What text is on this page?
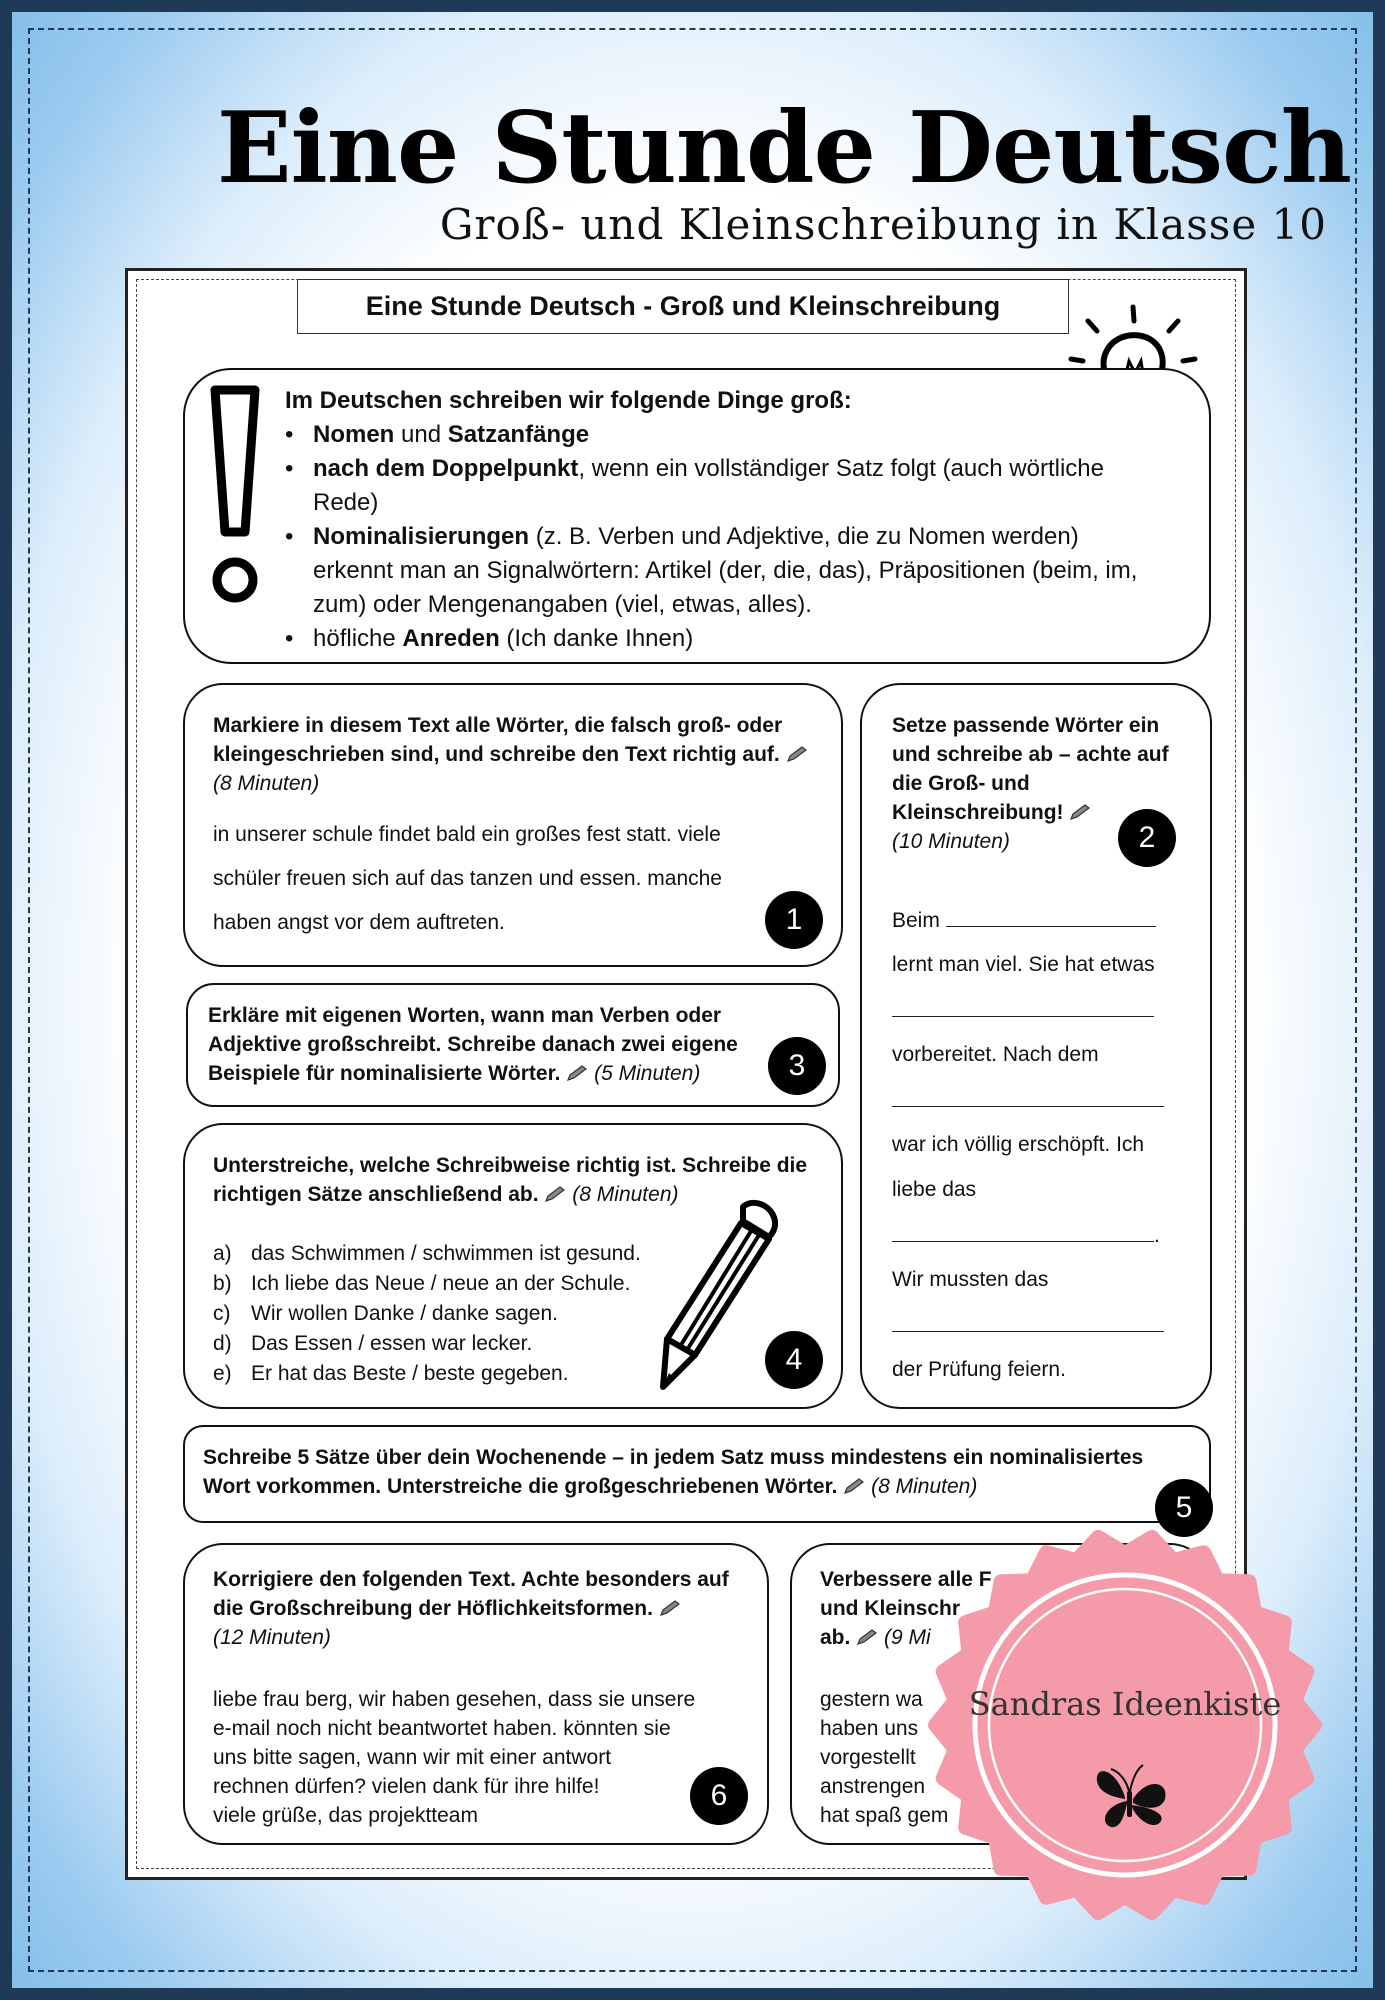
Eine Stunde Deutsch
Groß- und Kleinschreibung in Klasse 10
Eine Stunde Deutsch - Groß und Kleinschreibung
Im Deutschen schreiben wir folgende Dinge groß:
• Nomen und Satzanfänge
• nach dem Doppelpunkt, wenn ein vollständiger Satz folgt (auch wörtliche Rede)
• Nominalisierungen (z. B. Verben und Adjektive, die zu Nomen werden) erkennt man an Signalwörtern: Artikel (der, die, das), Präpositionen (beim, im, zum) oder Mengenangaben (viel, etwas, alles).
• höfliche Anreden (Ich danke Ihnen)
Markiere in diesem Text alle Wörter, die falsch groß- oder kleingeschrieben sind, und schreibe den Text richtig auf.
(8 Minuten)
in unserer schule findet bald ein großes fest statt. viele
schüler freuen sich auf das tanzen und essen. manche
haben angst vor dem auftreten.	1
Setze passende Wörter ein und schreibe ab – achte auf die Groß- und Kleinschreibung!
(10 Minuten)	2
Beim
lernt man viel. Sie hat etwas
vorbereitet. Nach dem
war ich völlig erschöpft. Ich
liebe das
.
Wir mussten das
der Prüfung feiern.
Erkläre mit eigenen Worten, wann man Verben oder Adjektive großschreibt. Schreibe danach zwei eigene Beispiele für nominalisierte Wörter. (5 Minuten)	3
Unterstreiche, welche Schreibweise richtig ist. Schreibe die richtigen Sätze anschließend ab. (8 Minuten)
a) das Schwimmen / schwimmen ist gesund.
b) Ich liebe das Neue / neue an der Schule.
c) Wir wollen Danke / danke sagen.
d) Das Essen / essen war lecker.
e) Er hat das Beste / beste gegeben.	4
Schreibe 5 Sätze über dein Wochenende – in jedem Satz muss mindestens ein nominalisiertes Wort vorkommen. Unterstreiche die großgeschriebenen Wörter. (8 Minuten)
5
Korrigiere den folgenden Text. Achte besonders auf die Großschreibung der Höflichkeitsformen.
(12 Minuten)
liebe frau berg, wir haben gesehen, dass sie unsere
e-mail noch nicht beantwortet haben. könnten sie
uns bitte sagen, wann wir mit einer antwort
rechnen dürfen? vielen dank für ihre hilfe!
viele grüße, das projektteam
6
Verbessere alle F
und Kleinschr
ab. (9 Mi
gestern wa
haben uns
vorgestellt
anstrengen
hat spaß gem
Sandras Ideenkiste
